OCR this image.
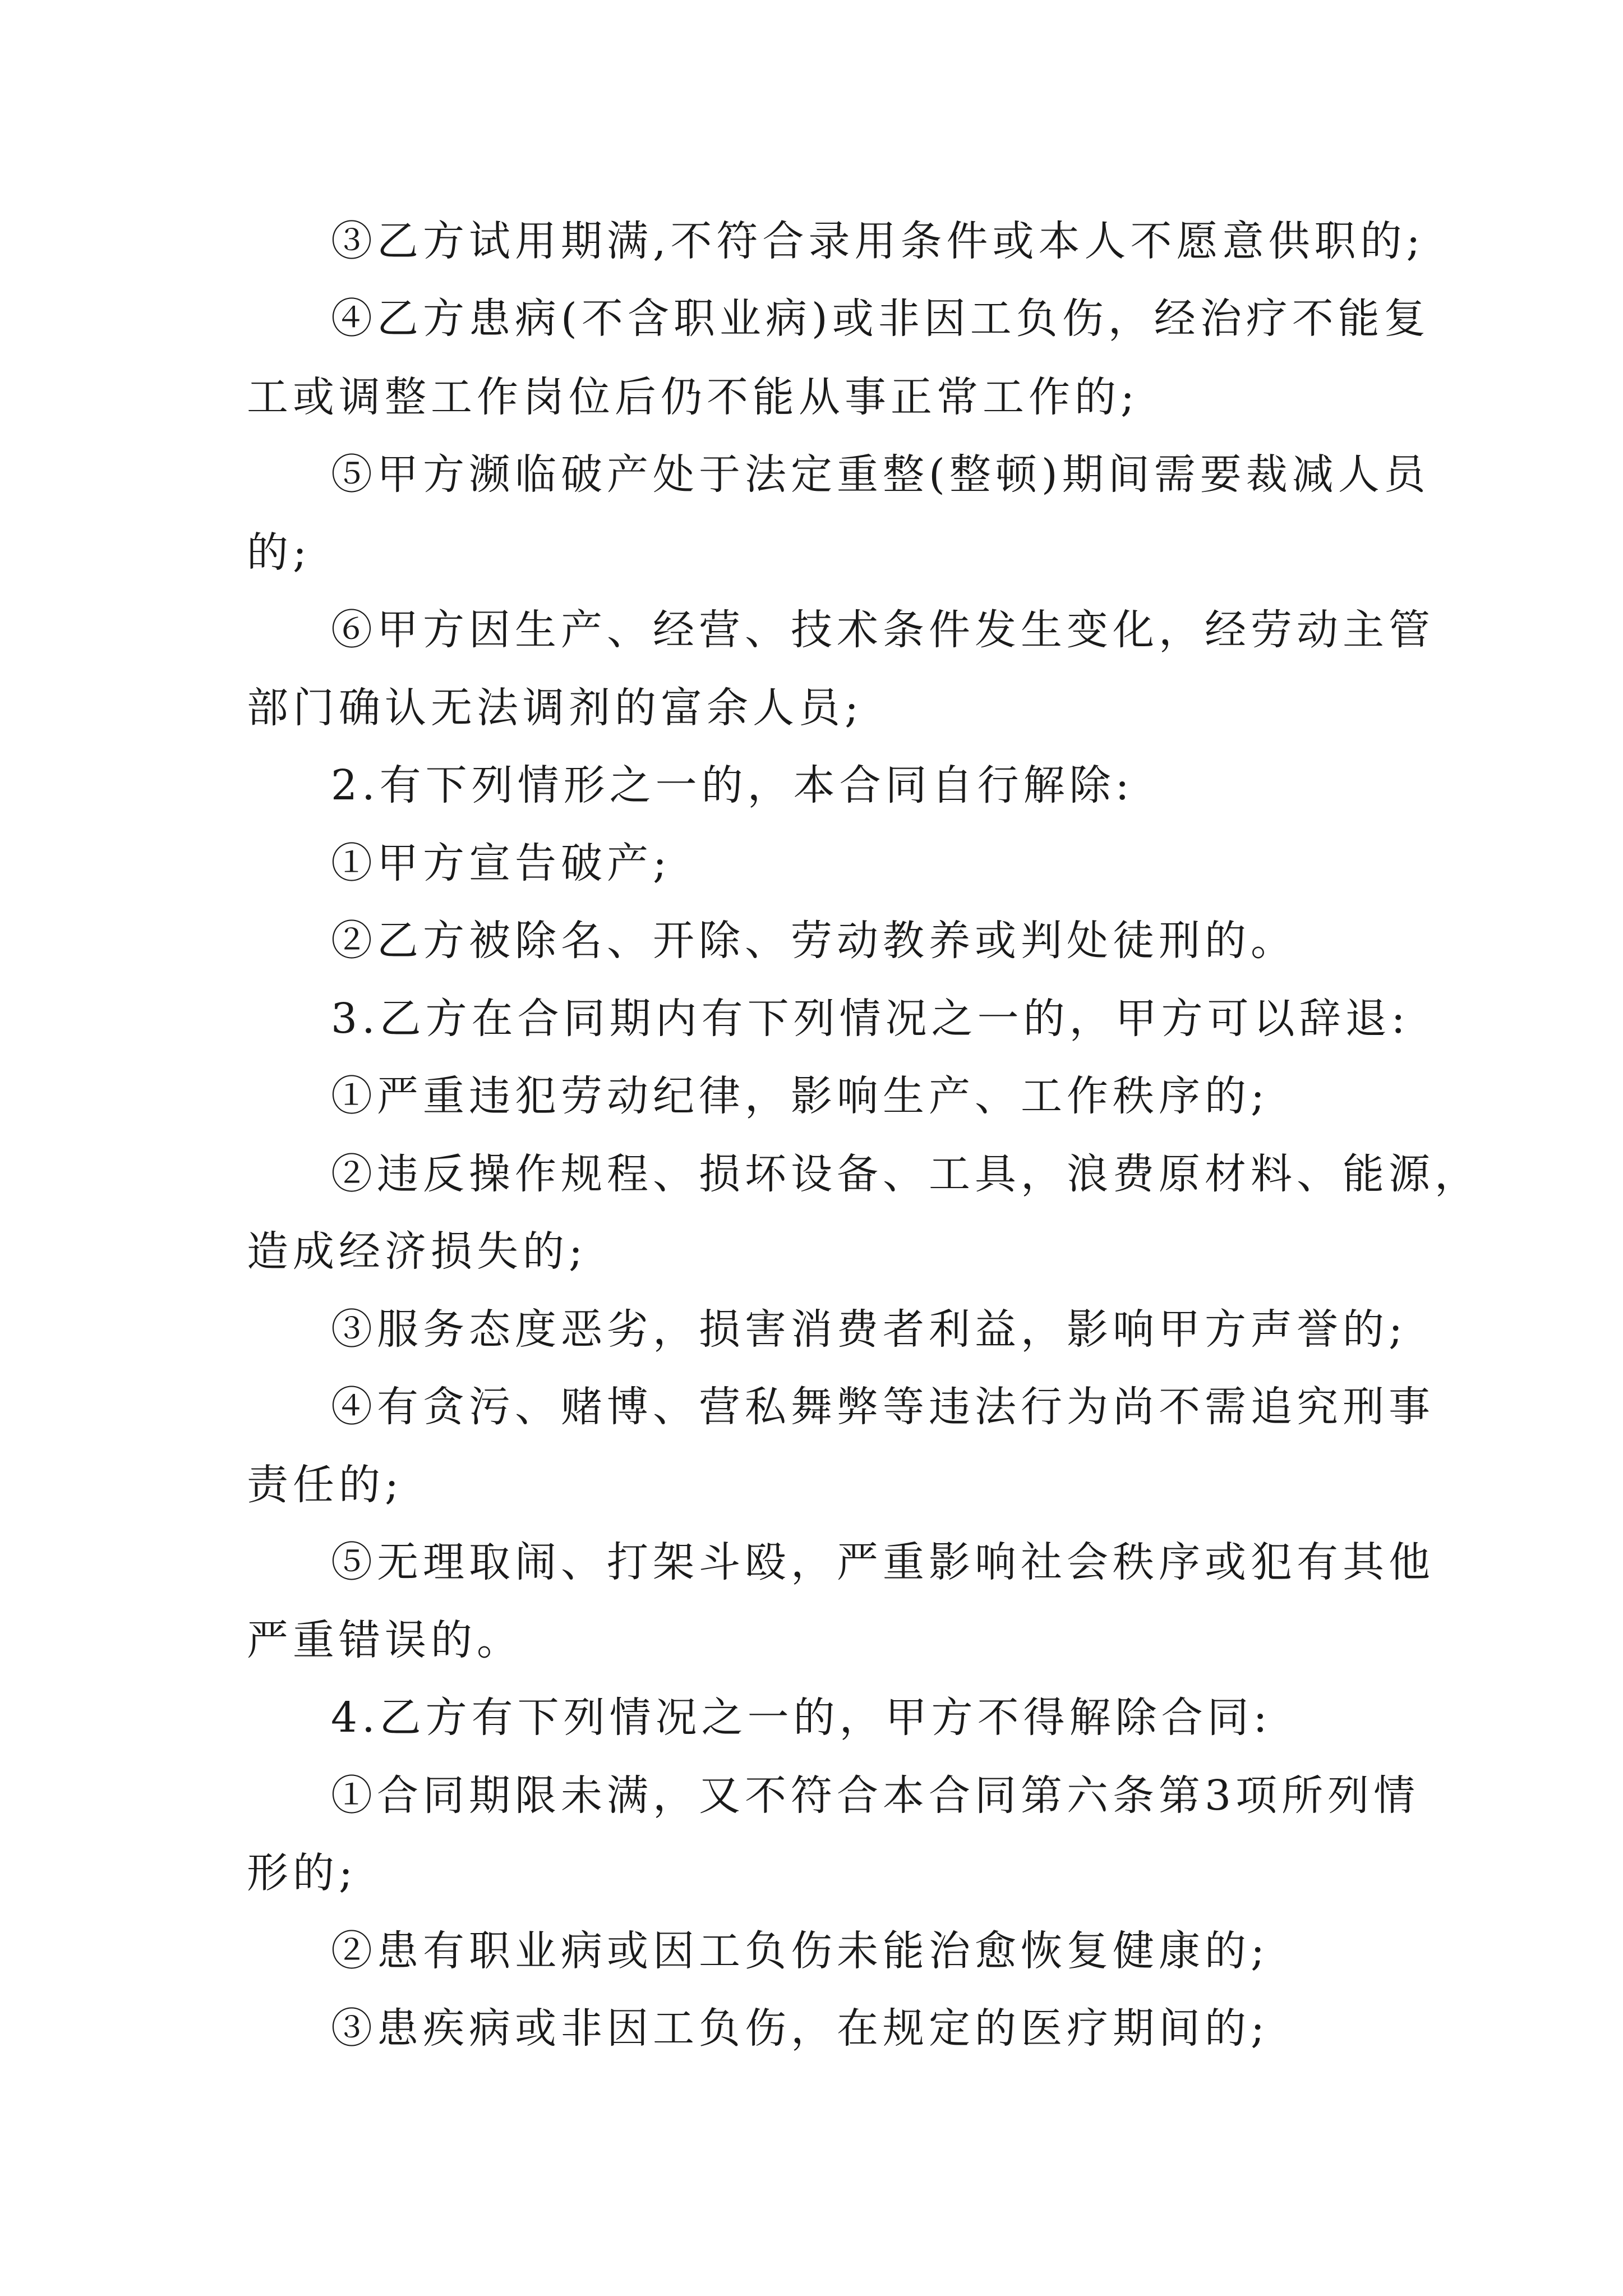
③乙方试用期满,不符合录用条件或本人不愿意供职的;
④乙方患病(不含职业病)或非因工负伤，经治疗不能复
工或调整工作岗位后仍不能从事正常工作的;
⑤甲方濒临破产处于法定重整(整顿)期间需要裁减人员
的;
⑥甲方因生产、经营、技术条件发生变化，经劳动主管
部门确认无法调剂的富余人员;
2.有下列情形之一的，本合同自行解除:
①甲方宣告破产;
②乙方被除名、开除、劳动教养或判处徒刑的。
3.乙方在合同期内有下列情况之一的，甲方可以辞退:
①严重违犯劳动纪律，影响生产、工作秩序的;
②违反操作规程、损坏设备、工具，浪费原材料、能源，
造成经济损失的;
③服务态度恶劣，损害消费者利益，影响甲方声誉的;
④有贪污、赌博、营私舞弊等违法行为尚不需追究刑事
责任的;
⑤无理取闹、打架斗殴，严重影响社会秩序或犯有其他
严重错误的。
4.乙方有下列情况之一的，甲方不得解除合同:
①合同期限未满，又不符合本合同第六条第3项所列情
形的;
②患有职业病或因工负伤未能治愈恢复健康的;
③患疾病或非因工负伤，在规定的医疗期间的;
